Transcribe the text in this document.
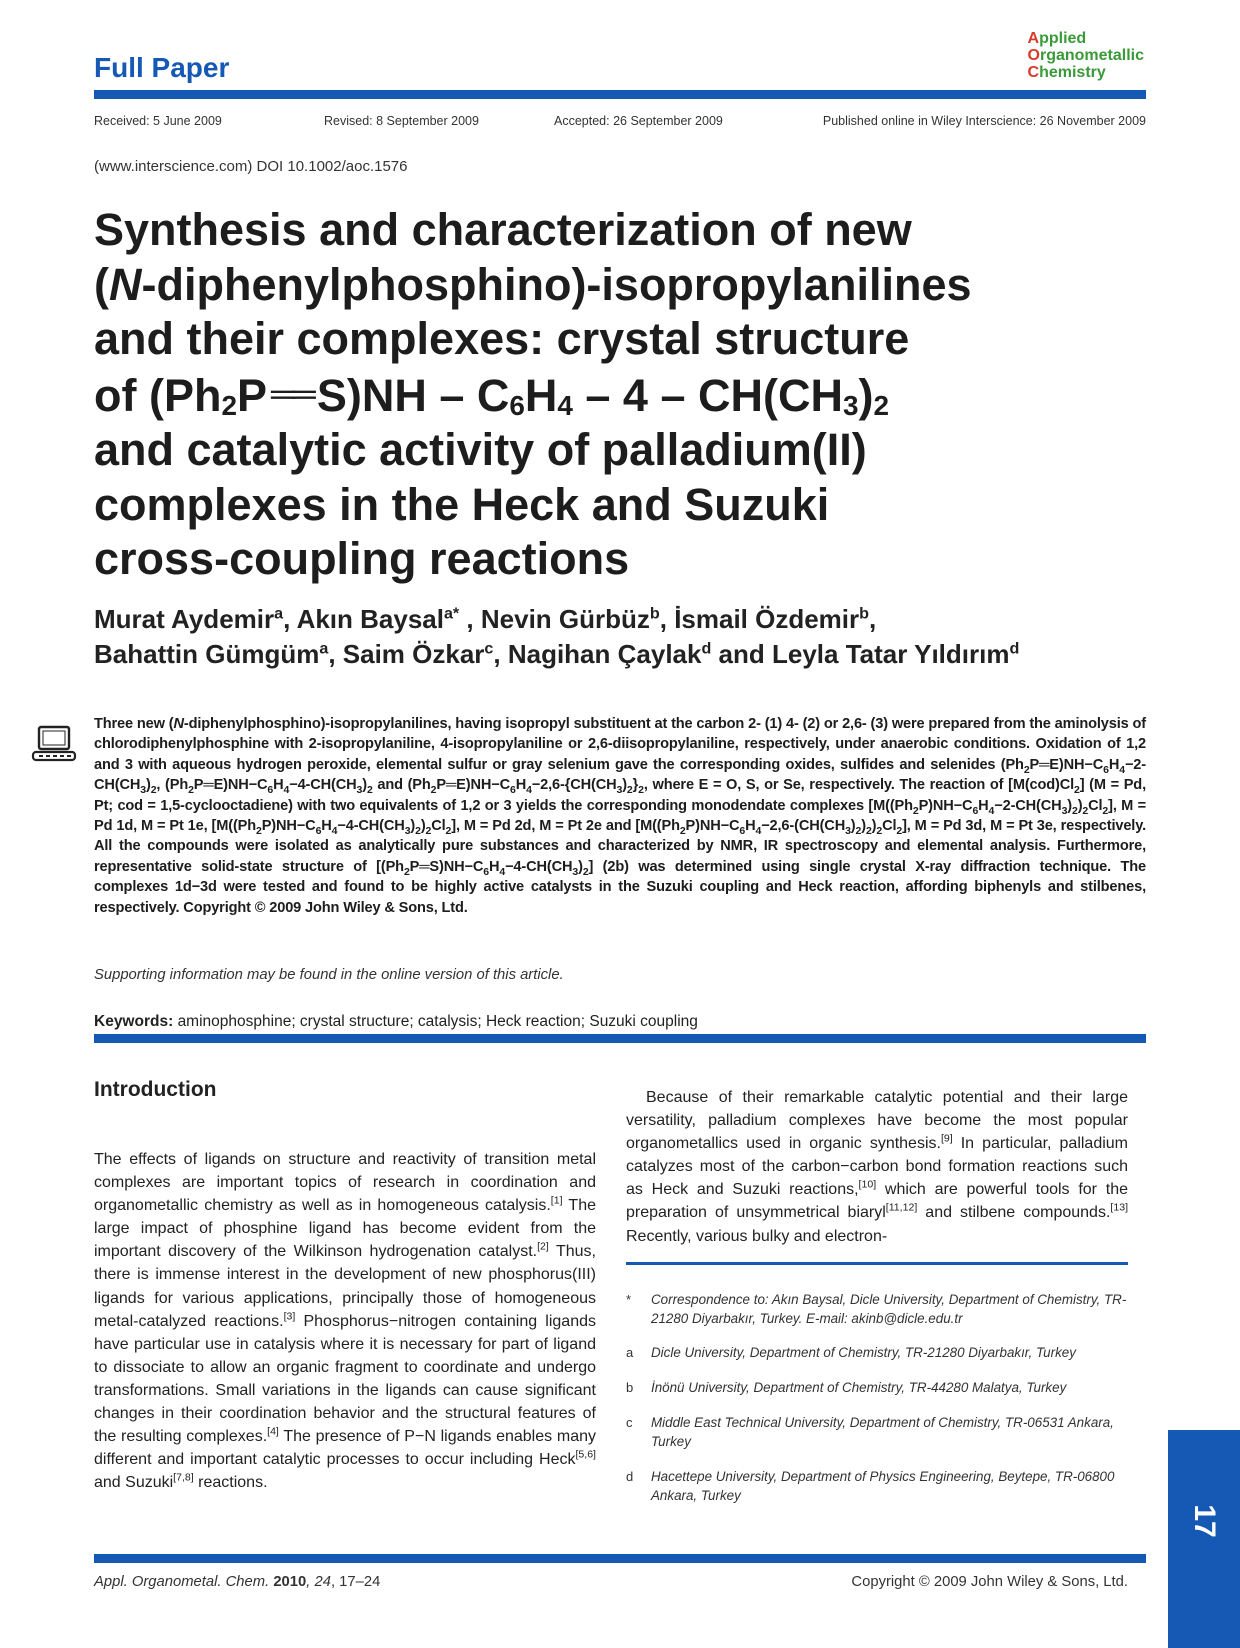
Full Paper
Applied
Organometallic
Chemistry
Received: 5 June 2009	Revised: 8 September 2009	Accepted: 26 September 2009	Published online in Wiley Interscience: 26 November 2009
(www.interscience.com) DOI 10.1002/aoc.1576
Synthesis and characterization of new
(N-diphenylphosphino)-isopropylanilines
and their complexes: crystal structure
of ($Ph_2P$ ══S)NH – $C_6H_4 - 4 - CH(CH_3)_2$
and catalytic activity of palladium(II)
complexes in the Heck and Suzuki
cross-coupling reactions
Murat Aydemir$^a$, Akın Baysal$^{a*}$ , Nevin Gürbüz$^b$, İsmail Özdemir$^b$,
Bahattin Gümgüm$^a$, Saim Özkar$^c$, Nagihan Çaylak$^d$ and Leyla Tatar Yıldırım$^d$

Three new (N-diphenylphosphino)-isopropylanilines, having isopropyl substituent at the carbon 2- (1) 4- (2) or 2,6- (3) were prepared from the aminolysis of chlorodiphenylphosphine with 2-isopropylaniline, 4-isopropylaniline or 2,6-diisopropylaniline, respectively, under anaerobic conditions. Oxidation of 1,2 and 3 with aqueous hydrogen peroxide, elemental sulfur or gray selenium gave the corresponding oxides, sulfides and selenides $(Ph_2P═E)NH-C_6H_4-2-CH(CH_3)_2$, $(Ph_2P═E)NH-C_6H_4-4-CH(CH_3)_2$ and $(Ph_2P═E)NH-C_6H_4-2,6-\{CH(CH_3)_2\}_2$, where E = O, S, or Se, respectively. The reaction of $[M(cod)Cl_2] (M = Pd$, Pt; cod = 1,5-cyclooctadiene) with two equivalents of 1,2 or 3 yields the corresponding monodendate complexes $[M((Ph_2P)NH-C_6H_4-2-CH(CH_3)_2)_2Cl_2]$, M = Pd 1d, M = Pt 1e, $[M((Ph_2P)NH-C_6H_4-4-CH(CH_3)_2)_2Cl_2]$, M = Pd 2d, M = Pt 2e and $[M((Ph_2P)NH-C_6H_4-2,6-(CH(CH_3)_2)_2)_2Cl_2]$, M = Pd 3d, M = Pt 3e, respectively. All the compounds were isolated as analytically pure substances and characterized by NMR, IR spectroscopy and elemental analysis. Furthermore, representative solid-state structure of $[(Ph_2P═S)NH-C_6H_4-4-CH(CH_3)_2]$ (2b) was determined using single crystal X-ray diffraction technique. The complexes 1d−3d were tested and found to be highly active catalysts in the Suzuki coupling and Heck reaction, affording biphenyls and stilbenes, respectively. Copyright © 2009 John Wiley & Sons, Ltd.

Supporting information may be found in the online version of this article.
Keywords: aminophosphine; crystal structure; catalysis; Heck reaction; Suzuki coupling
Introduction

The effects of ligands on structure and reactivity of transition metal complexes are important topics of research in coordination and organometallic chemistry as well as in homogeneous catalysis.[1] The large impact of phosphine ligand has become evident from the important discovery of the Wilkinson hydrogenation catalyst.[2] Thus, there is immense interest in the development of new phosphorus(III) ligands for various applications, principally those of homogeneous metal-catalyzed reactions.[3] Phosphorus−nitrogen containing ligands have particular use in catalysis where it is necessary for part of ligand to dissociate to allow an organic fragment to coordinate and undergo transformations. Small variations in the ligands can cause significant changes in their coordination behavior and the structural features of the resulting complexes.[4] The presence of P−N ligands enables many different and important catalytic processes to occur including Heck[5,6] and Suzuki[7,8] reactions.

Because of their remarkable catalytic potential and their large versatility, palladium complexes have become the most popular organometallics used in organic synthesis.[9] In particular, palladium catalyzes most of the carbon−carbon bond formation reactions such as Heck and Suzuki reactions,[10] which are powerful tools for the preparation of unsymmetrical biaryl[11,12] and stilbene compounds.[13] Recently, various bulky and electron-

* Correspondence to: Akın Baysal, Dicle University, Department of Chemistry, TR-21280 Diyarbakır, Turkey. E-mail: akinb@dicle.edu.tr
a Dicle University, Department of Chemistry, TR-21280 Diyarbakır, Turkey
b İnönü University, Department of Chemistry, TR-44280 Malatya, Turkey
c Middle East Technical University, Department of Chemistry, TR-06531 Ankara, Turkey
d Hacettepe University, Department of Physics Engineering, Beytepe, TR-06800 Ankara, Turkey
Appl. Organometal. Chem. 2010, 24, 17–24	Copyright © 2009 John Wiley & Sons, Ltd.
17
